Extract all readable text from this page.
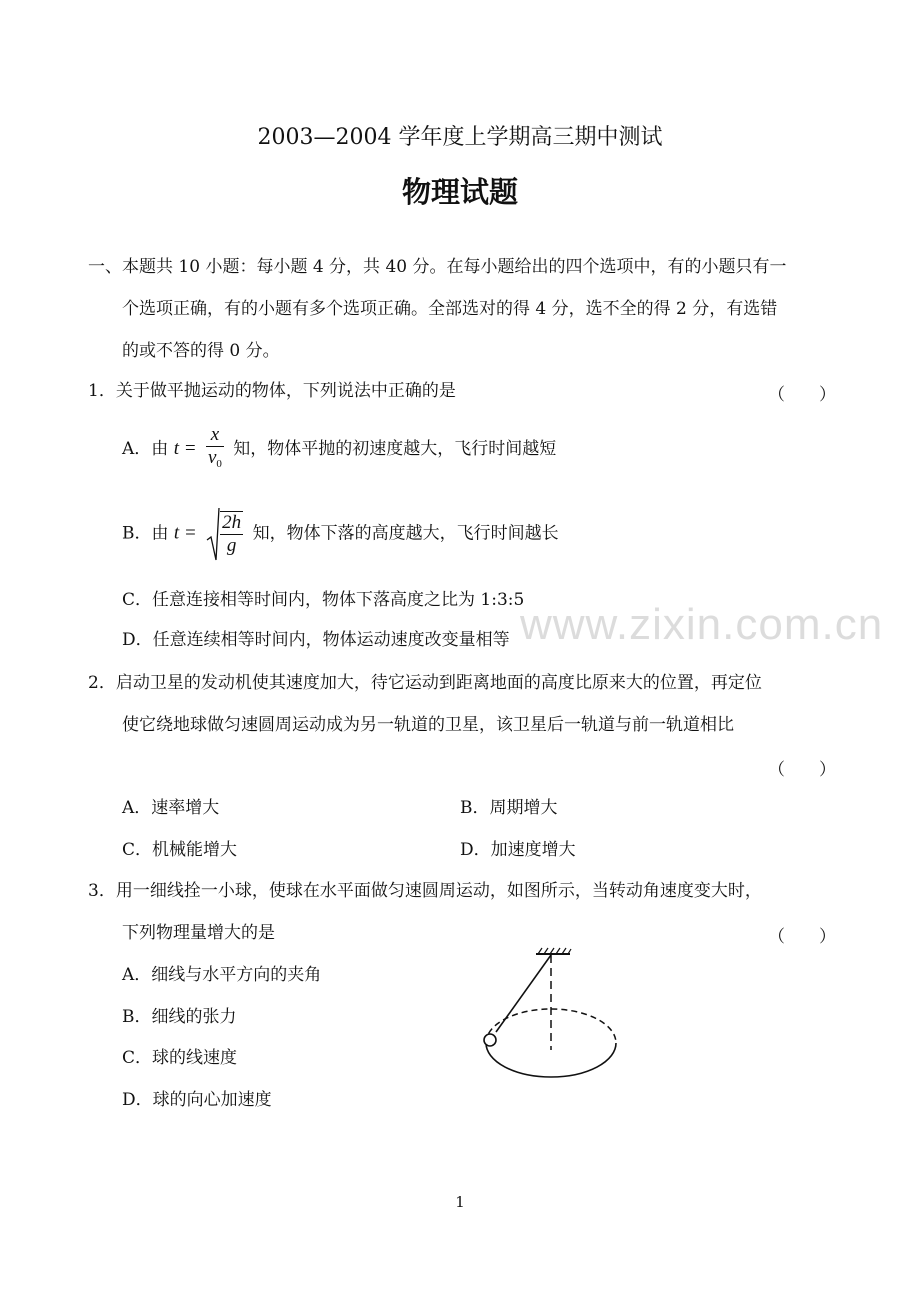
www.zixin.com.cn
2003—2004 学年度上学期高三期中测试
物理试题
一、本题共 10 小题：每小题 4 分，共 40 分。在每小题给出的四个选项中，有的小题只有一
个选项正确，有的小题有多个选项正确。全部选对的得 4 分，选不全的得 2 分，有选错
的或不答的得 0 分。
1．关于做平抛运动的物体，下列说法中正确的是	（　　）
A．由 $t = \frac{x}{v_0}$ 知，物体平抛的初速度越大，飞行时间越短
B．由 $t = \frac{2h}{g}$ 知，物体下落的高度越大，飞行时间越长
C．任意连接相等时间内，物体下落高度之比为 1:3:5
D．任意连续相等时间内，物体运动速度改变量相等
2．启动卫星的发动机使其速度加大，待它运动到距离地面的高度比原来大的位置，再定位
使它绕地球做匀速圆周运动成为另一轨道的卫星，该卫星后一轨道与前一轨道相比
（　　）
A．速率增大	B．周期增大
C．机械能增大	D．加速度增大
3．用一细线拴一小球，使球在水平面做匀速圆周运动，如图所示，当转动角速度变大时，
下列物理量增大的是	（　　）
A．细线与水平方向的夹角
B．细线的张力
C．球的线速度
D．球的向心加速度
1
